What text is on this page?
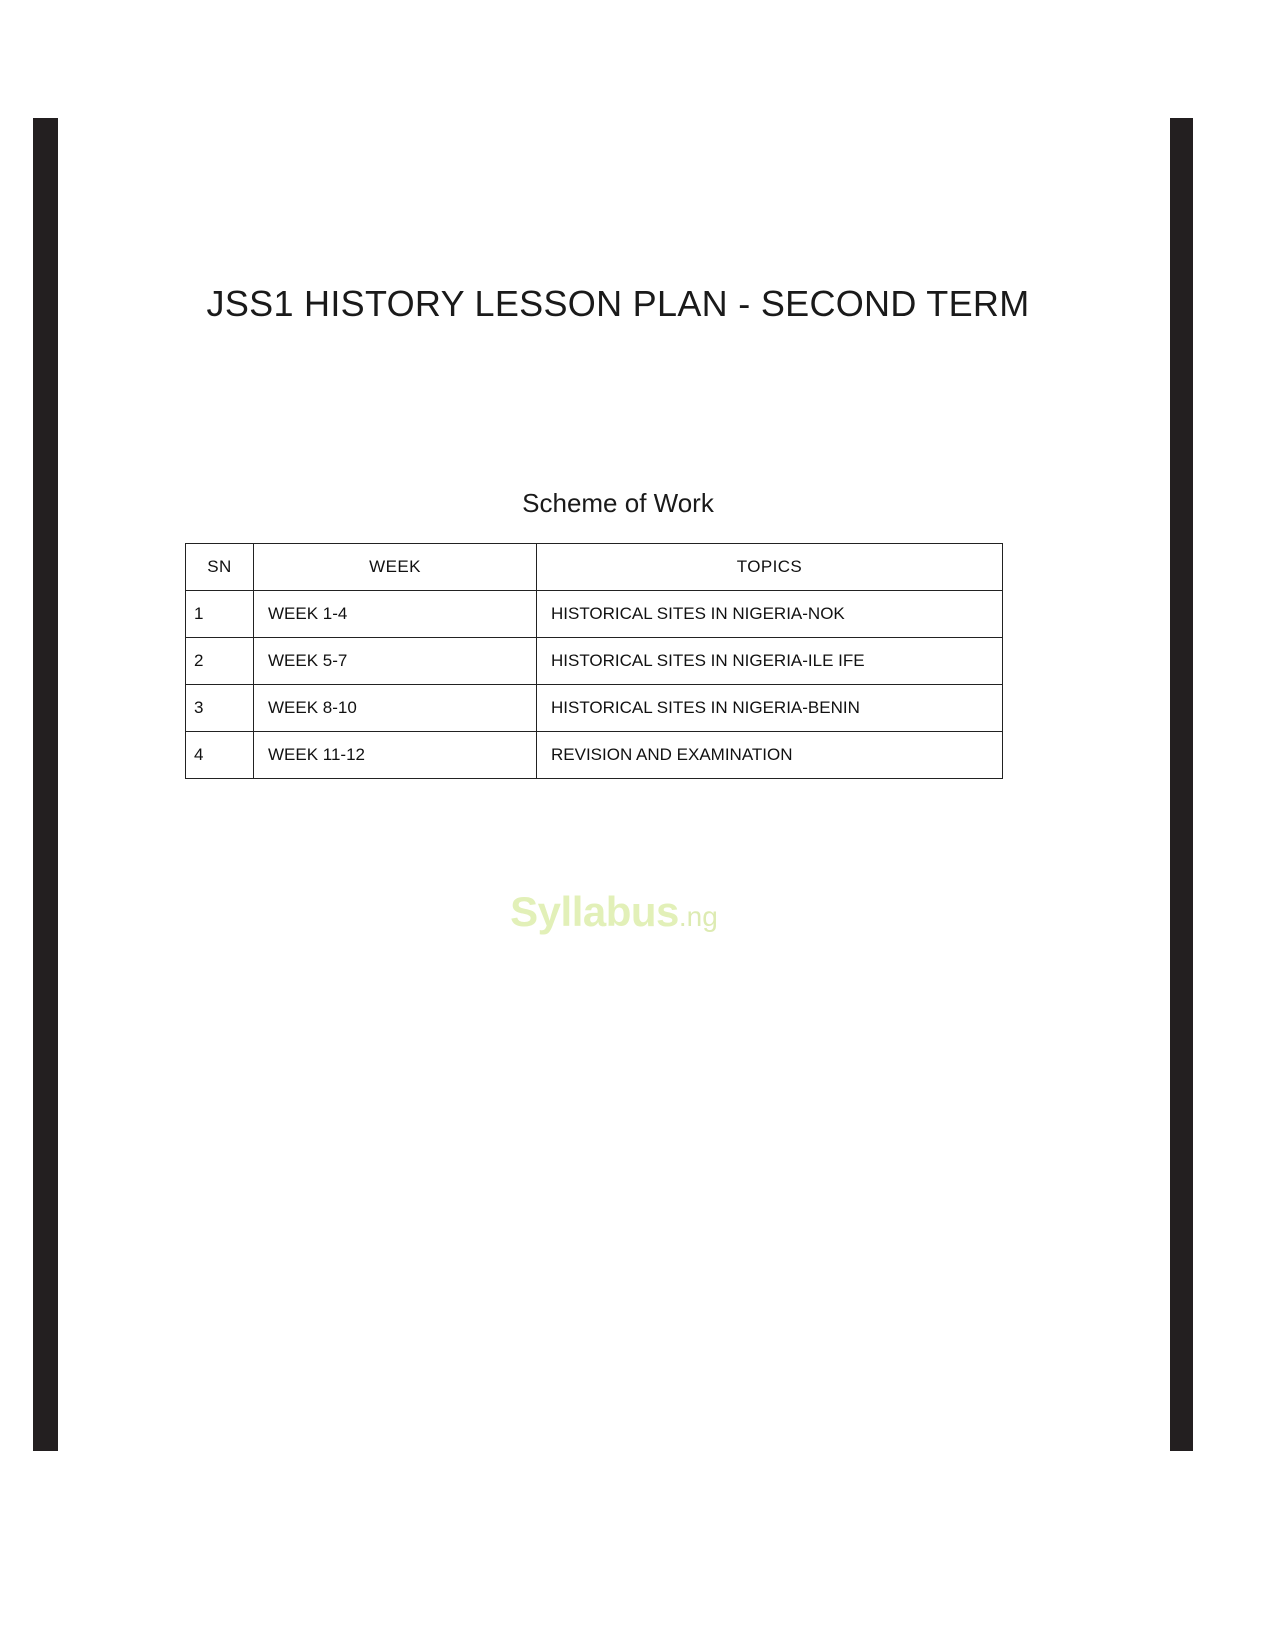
JSS1 HISTORY LESSON PLAN - SECOND TERM
Scheme of Work
SN	WEEK	TOPICS
1	WEEK 1-4	HISTORICAL SITES IN NIGERIA-NOK
2	WEEK 5-7	HISTORICAL SITES IN NIGERIA-ILE IFE
3	WEEK 8-10	HISTORICAL SITES IN NIGERIA-BENIN
4	WEEK 11-12	REVISION AND EXAMINATION
Syllabus.ng
